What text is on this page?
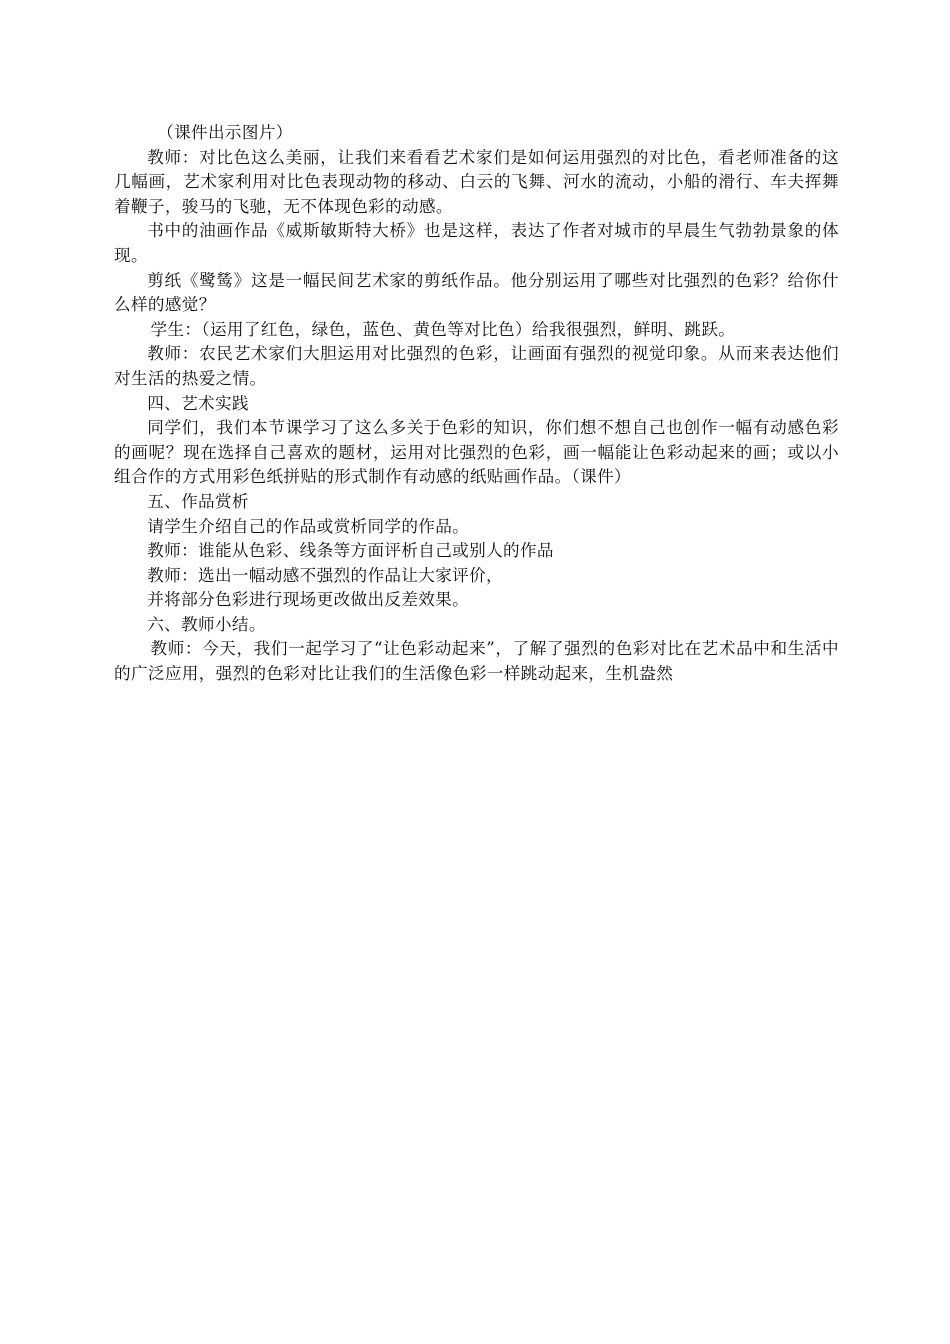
（课件出示图片）

教师：对比色这么美丽，让我们来看看艺术家们是如何运用强烈的对比色，看老师准备的这几幅画，艺术家利用对比色表现动物的移动、白云的飞舞、河水的流动，小船的滑行、车夫挥舞着鞭子，骏马的飞驰，无不体现色彩的动感。

书中的油画作品《威斯敏斯特大桥》也是这样，表达了作者对城市的早晨生气勃勃景象的体现。

剪纸《鹭鸶》这是一幅民间艺术家的剪纸作品。他分别运用了哪些对比强烈的色彩？给你什么样的感觉？

学生：（运用了红色，绿色，蓝色、黄色等对比色）给我很强烈，鲜明、跳跃。

教师：农民艺术家们大胆运用对比强烈的色彩，让画面有强烈的视觉印象。从而来表达他们对生活的热爱之情。

四、艺术实践

同学们，我们本节课学习了这么多关于色彩的知识，你们想不想自己也创作一幅有动感色彩的画呢？现在选择自己喜欢的题材，运用对比强烈的色彩，画一幅能让色彩动起来的画；或以小组合作的方式用彩色纸拼贴的形式制作有动感的纸贴画作品。（课件）

五、作品赏析

请学生介绍自己的作品或赏析同学的作品。

教师：谁能从色彩、线条等方面评析自己或别人的作品

教师：选出一幅动感不强烈的作品让大家评价，

并将部分色彩进行现场更改做出反差效果。

六、教师小结。

教师：今天，我们一起学习了“让色彩动起来”，了解了强烈的色彩对比在艺术品中和生活中的广泛应用，强烈的色彩对比让我们的生活像色彩一样跳动起来，生机盎然
